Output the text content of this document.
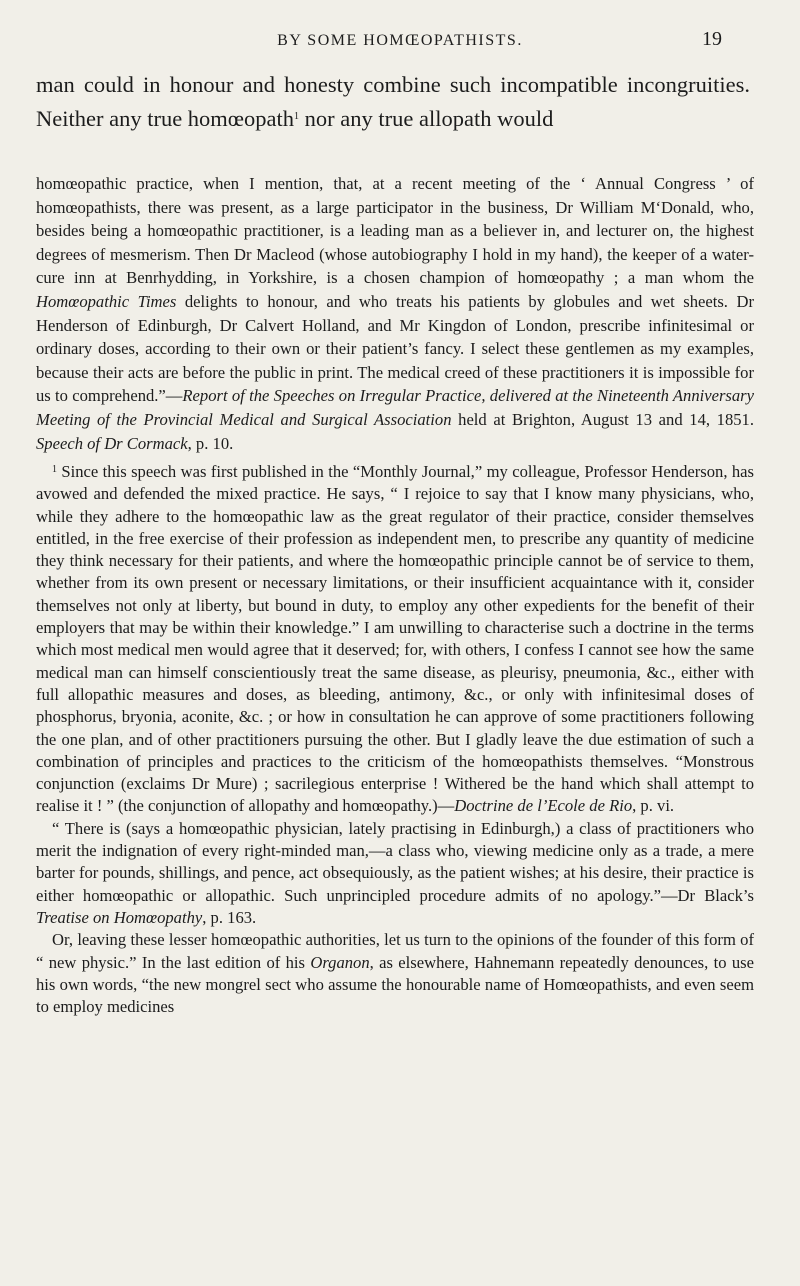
BY SOME HOMŒOPATHISTS.	19

man could in honour and honesty combine such incompatible incongruities. Neither any true homœopath$^1$ nor any true allopath would

homœopathic practice, when I mention, that, at a recent meeting of the ‘ Annual Congress ’ of homœopathists, there was present, as a large participator in the business, Dr William M‘Donald, who, besides being a homœopathic practitioner, is a leading man as a believer in, and lecturer on, the highest degrees of mesmerism. Then Dr Macleod (whose autobiography I hold in my hand), the keeper of a water-cure inn at Benrhydding, in Yorkshire, is a chosen champion of homœopathy ; a man whom the Homœopathic Times delights to honour, and who treats his patients by globules and wet sheets. Dr Henderson of Edinburgh, Dr Calvert Holland, and Mr Kingdon of London, prescribe infinitesimal or ordinary doses, according to their own or their patient’s fancy. I select these gentlemen as my examples, because their acts are before the public in print. The medical creed of these practitioners it is impossible for us to comprehend.”—Report of the Speeches on Irregular Practice, delivered at the Nineteenth Anniversary Meeting of the Provincial Medical and Surgical Association held at Brighton, August 13 and 14, 1851. Speech of Dr Cormack, p. 10.

$^1$ Since this speech was first published in the “Monthly Journal,” my colleague, Professor Henderson, has avowed and defended the mixed practice. He says, “ I rejoice to say that I know many physicians, who, while they adhere to the homœopathic law as the great regulator of their practice, consider themselves entitled, in the free exercise of their profession as independent men, to prescribe any quantity of medicine they think necessary for their patients, and where the homœopathic principle cannot be of service to them, whether from its own present or necessary limitations, or their insufficient acquaintance with it, consider themselves not only at liberty, but bound in duty, to employ any other expedients for the benefit of their employers that may be within their knowledge.” I am unwilling to characterise such a doctrine in the terms which most medical men would agree that it deserved; for, with others, I confess I cannot see how the same medical man can himself conscientiously treat the same disease, as pleurisy, pneumonia, &c., either with full allopathic measures and doses, as bleeding, antimony, &c., or only with infinitesimal doses of phosphorus, bryonia, aconite, &c. ; or how in consultation he can approve of some practitioners following the one plan, and of other practitioners pursuing the other. But I gladly leave the due estimation of such a combination of principles and practices to the criticism of the homœopathists themselves. “Monstrous conjunction (exclaims Dr Mure) ; sacrilegious enterprise ! Withered be the hand which shall attempt to realise it ! ” (the conjunction of allopathy and homœopathy.)—Doctrine de l’Ecole de Rio, p. vi.

“ There is (says a homœopathic physician, lately practising in Edinburgh,) a class of practitioners who merit the indignation of every right-minded man,—a class who, viewing medicine only as a trade, a mere barter for pounds, shillings, and pence, act obsequiously, as the patient wishes; at his desire, their practice is either homœopathic or allopathic. Such unprincipled procedure admits of no apology.”—Dr Black’s Treatise on Homœopathy, p. 163.

Or, leaving these lesser homœopathic authorities, let us turn to the opinions of the founder of this form of “ new physic.” In the last edition of his Organon, as elsewhere, Hahnemann repeatedly denounces, to use his own words, “the new mongrel sect who assume the honourable name of Homœopathists, and even seem to employ medicines
